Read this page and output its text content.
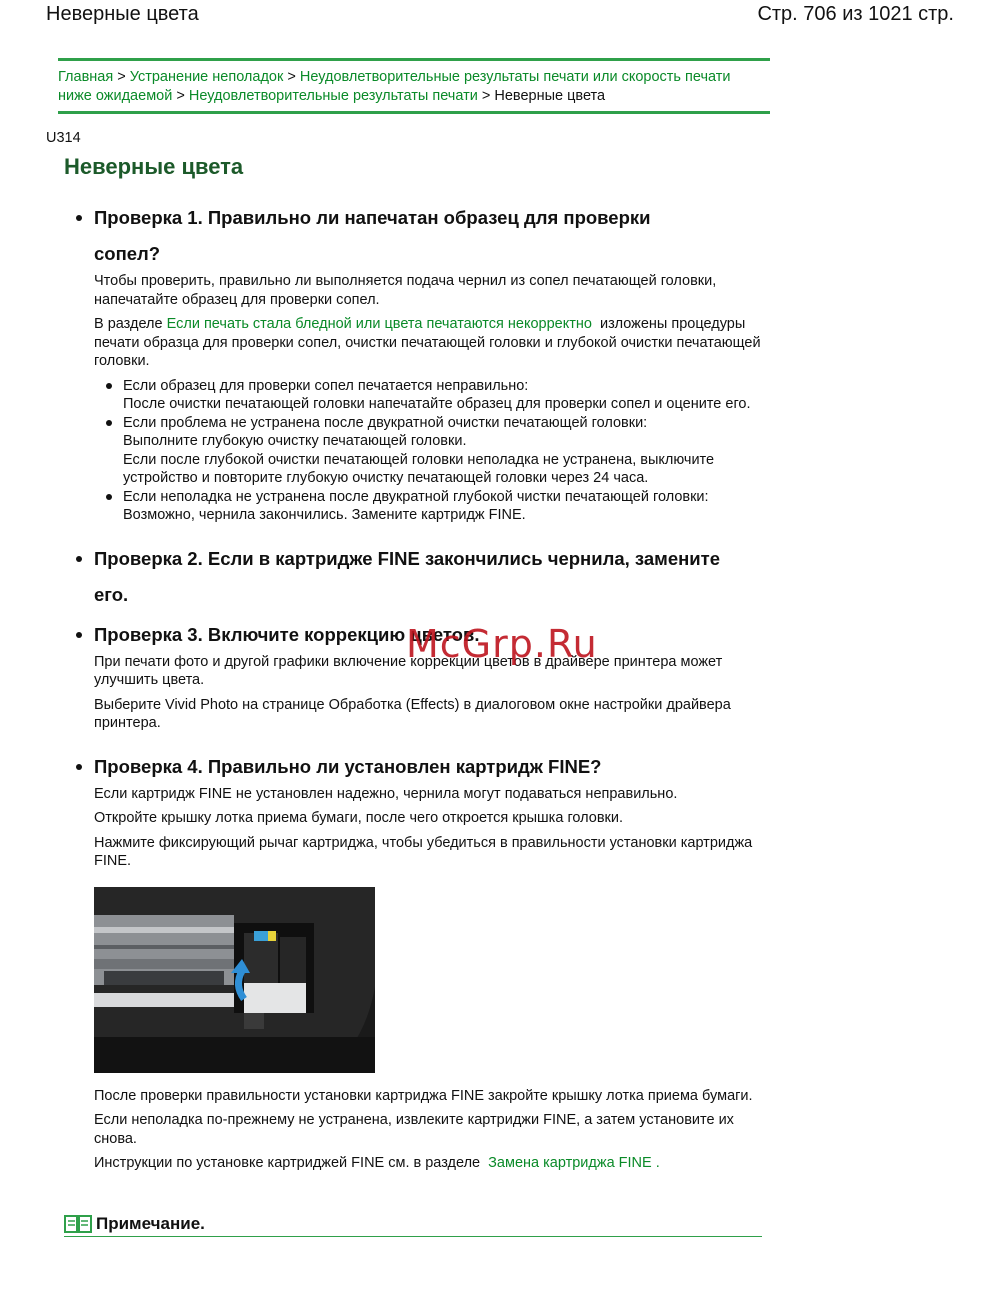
Неверные цвета	Стр. 706 из 1021 стр.
Главная > Устранение неполадок > Неудовлетворительные результаты печати или скорость печати
ниже ожидаемой > Неудовлетворительные результаты печати > Неверные цвета
U314
Неверные цвета
Проверка 1. Правильно ли напечатан образец для проверки
сопел?

Чтобы проверить, правильно ли выполняется подача чернил из сопел печатающей головки, напечатайте образец для проверки сопел.

В разделе Если печать стала бледной или цвета печатаются некорректно изложены процедуры печати образца для проверки сопел, очистки печатающей головки и глубокой очистки печатающей головки.

Если образец для проверки сопел печатается неправильно:
После очистки печатающей головки напечатайте образец для проверки сопел и оцените его.
Если проблема не устранена после двукратной очистки печатающей головки:
Выполните глубокую очистку печатающей головки.
Если после глубокой очистки печатающей головки неполадка не устранена, выключите устройство и повторите глубокую очистку печатающей головки через 24 часа.
Если неполадка не устранена после двукратной глубокой чистки печатающей головки:
Возможно, чернила закончились. Замените картридж FINE.
Проверка 2. Если в картридже FINE закончились чернила, замените
его.
Проверка 3. Включите коррекцию цветов.

При печати фото и другой графики включение коррекции цветов в драйвере принтера может улучшить цвета.

Выберите Vivid Photo на странице Обработка (Effects) в диалоговом окне настройки драйвера принтера.

Проверка 4. Правильно ли установлен картридж FINE?

Если картридж FINE не установлен надежно, чернила могут подаваться неправильно.

Откройте крышку лотка приема бумаги, после чего откроется крышка головки.

Нажмите фиксирующий рычаг картриджа, чтобы убедиться в правильности установки картриджа FINE.

После проверки правильности установки картриджа FINE закройте крышку лотка приема бумаги.

Если неполадка по-прежнему не устранена, извлеките картриджи FINE, а затем установите их снова.

Инструкции по установке картриджей FINE см. в разделе Замена картриджа FINE .

Примечание.
McGrp.Ru
